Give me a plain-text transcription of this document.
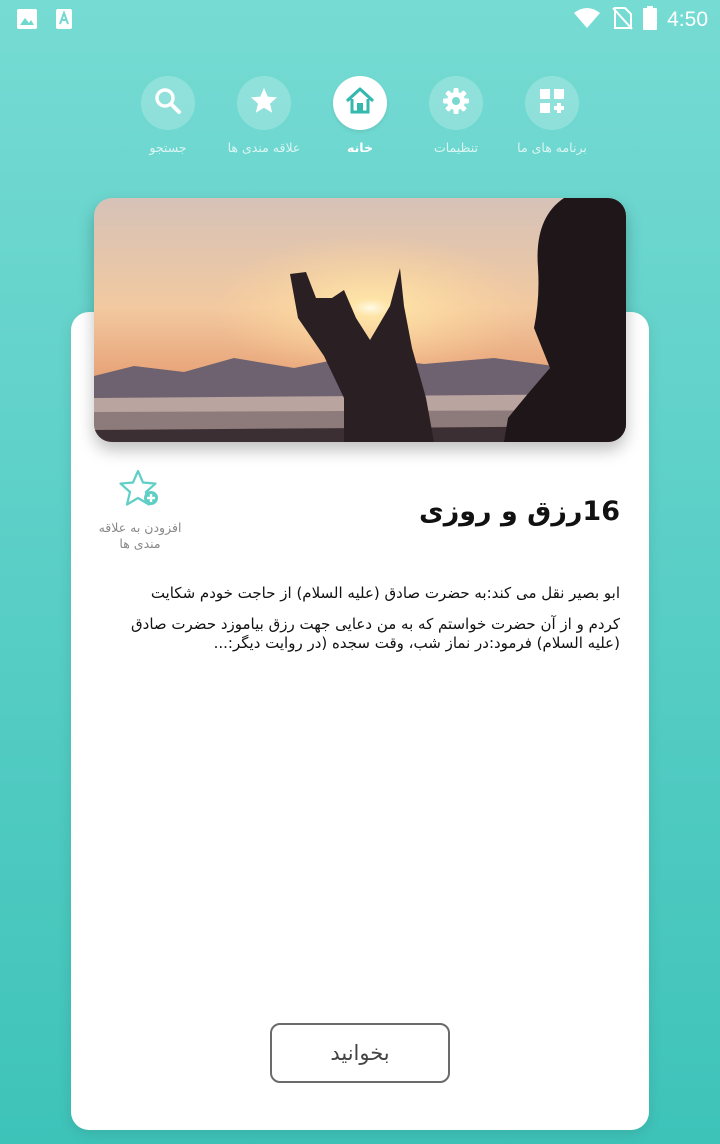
4:50
جستجو	علاقه مندی ها	خانه	تنظیمات	برنامه های ما
16رزق و روزی
افزودن به علاقه مندی ها

ابو بصیر نقل می کند:به حضرت صادق (علیه السلام) از حاجت خودم شکایت

کردم و از آن حضرت خواستم که به من دعایی جهت رزق بیاموزد حضرت صادق (علیه السلام) فرمود:در نماز شب، وقت سجده (در روایت دیگر:...

بخوانید
